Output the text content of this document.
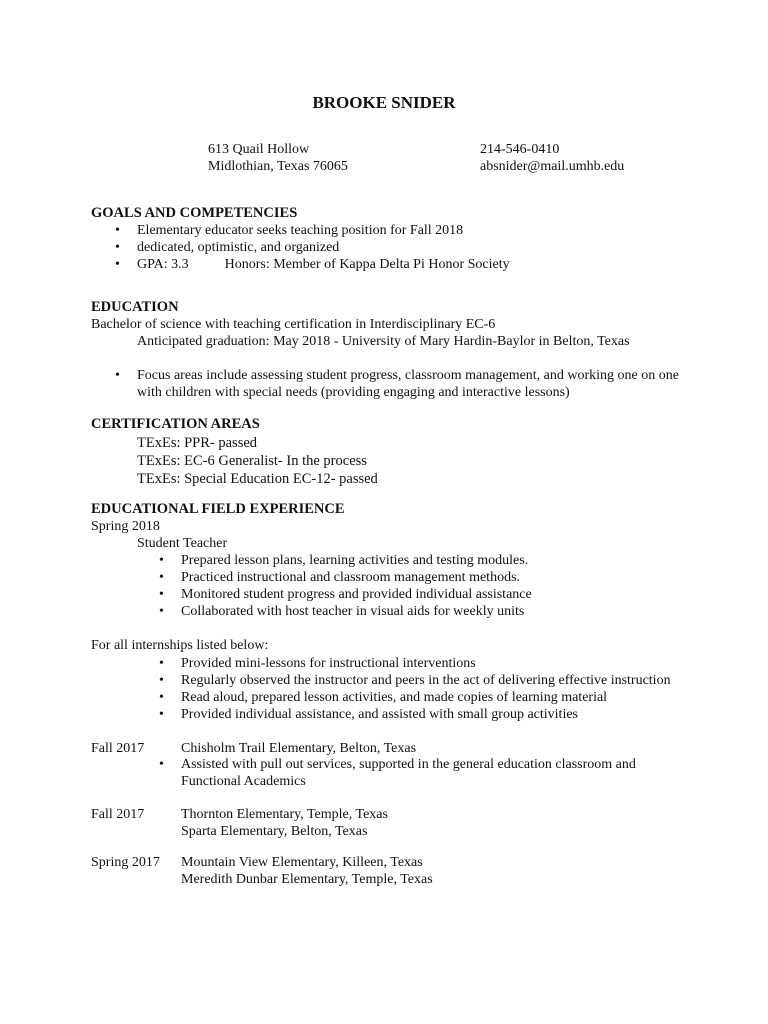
BROOKE SNIDER
613 Quail Hollow
Midlothian, Texas 76065
214-546-0410
absnider@mail.umhb.edu
GOALS AND COMPETENCIES
• Elementary educator seeks teaching position for Fall 2018
• dedicated, optimistic, and organized
• GPA: 3.3	Honors: Member of Kappa Delta Pi Honor Society
EDUCATION
Bachelor of science with teaching certification in Interdisciplinary EC-6
Anticipated graduation: May 2018 - University of Mary Hardin-Baylor in Belton, Texas
• Focus areas include assessing student progress, classroom management, and working one on one with children with special needs (providing engaging and interactive lessons)
CERTIFICATION AREAS
TExEs: PPR- passed
TExEs: EC-6 Generalist- In the process
TExEs: Special Education EC-12- passed
EDUCATIONAL FIELD EXPERIENCE
Spring 2018
Student Teacher
• Prepared lesson plans, learning activities and testing modules.
• Practiced instructional and classroom management methods.
• Monitored student progress and provided individual assistance
• Collaborated with host teacher in visual aids for weekly units
For all internships listed below:
• Provided mini-lessons for instructional interventions
• Regularly observed the instructor and peers in the act of delivering effective instruction
• Read aloud, prepared lesson activities, and made copies of learning material
• Provided individual assistance, and assisted with small group activities
Fall 2017	Chisholm Trail Elementary, Belton, Texas
• Assisted with pull out services, supported in the general education classroom and Functional Academics
Fall 2017	Thornton Elementary, Temple, Texas
Sparta Elementary, Belton, Texas
Spring 2017 Mountain View Elementary, Killeen, Texas
Meredith Dunbar Elementary, Temple, Texas
